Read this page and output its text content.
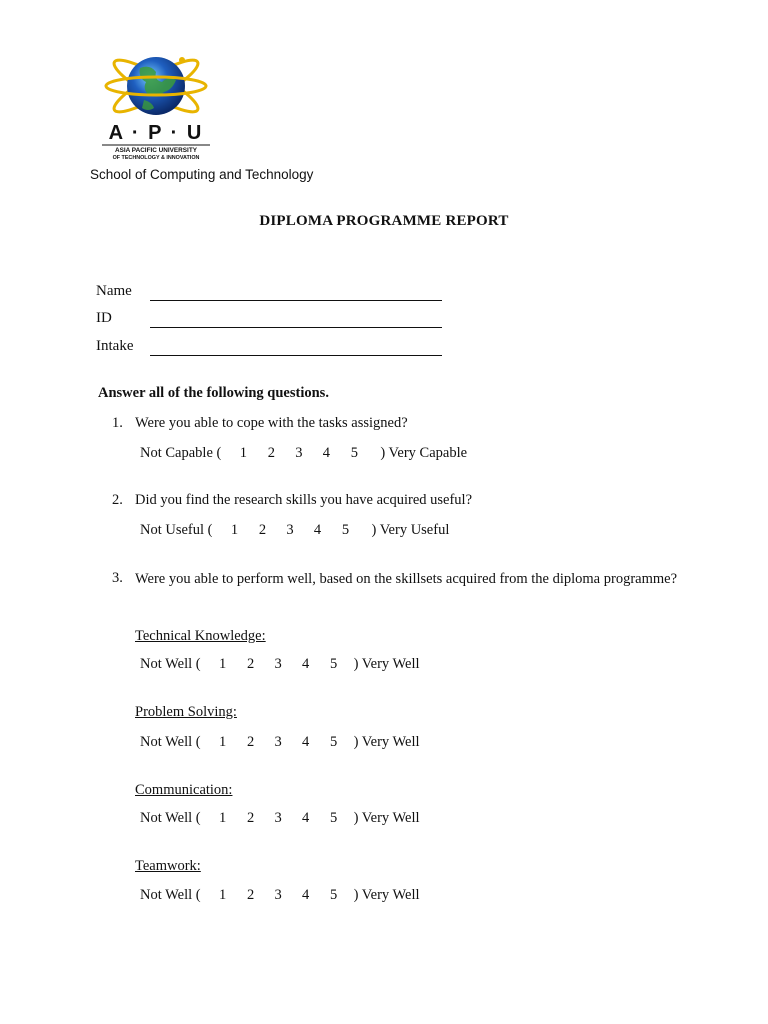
A · P · U
ASIA PACIFIC UNIVERSITY
OF TECHNOLOGY & INNOVATION
School of Computing and Technology
DIPLOMA PROGRAMME REPORT
Name
ID
Intake
Answer all of the following questions.
1. Were you able to cope with the tasks assigned?
Not Capable (	1	2	3	4	5	) Very Capable
2. Did you find the research skills you have acquired useful?
Not Useful (	1	2	3	4	5	) Very Useful
3. Were you able to perform well, based on the skillsets acquired from the diploma programme?
Technical Knowledge:
Not Well (	1	2	3	4	5	) Very Well
Problem Solving:
Not Well (	1	2	3	4	5	) Very Well
Communication:
Not Well (	1	2	3	4	5	) Very Well
Teamwork:
Not Well (	1	2	3	4	5	) Very Well
